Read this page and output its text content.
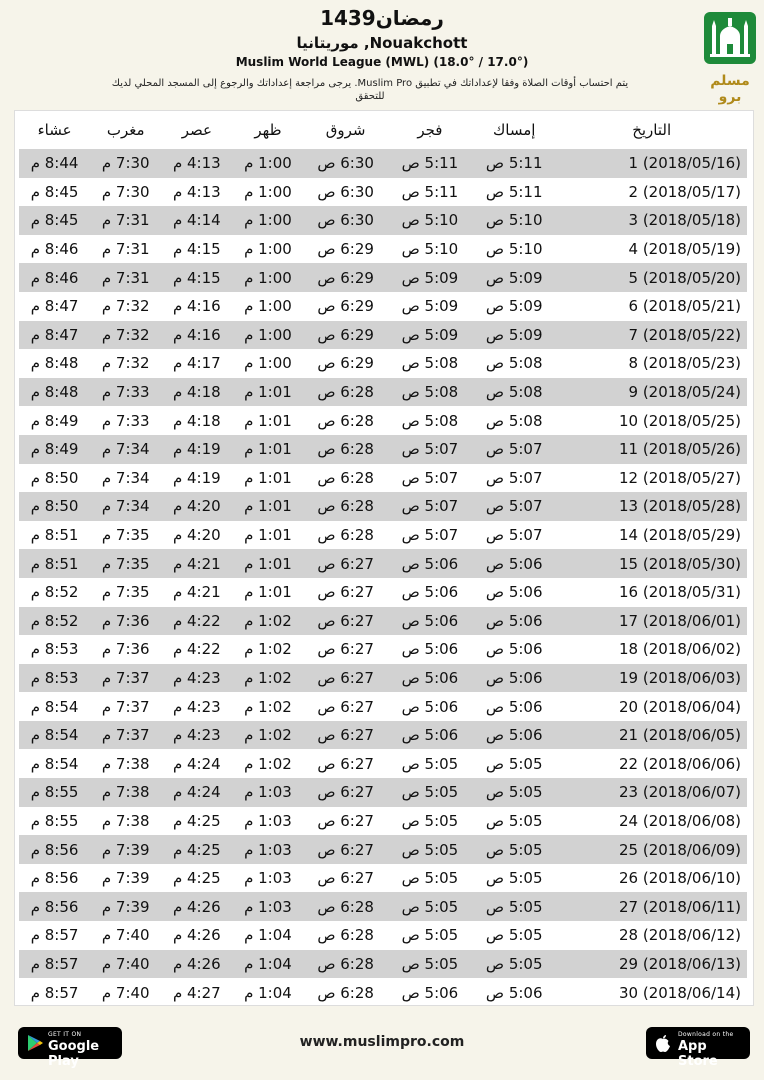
رمضان1439
Nouakchott, موريتانيا
Muslim World League (MWL) (18.0° / 17.0°)
يتم احتساب أوقات الصلاة وفقا لإعداداتك في تطبيق Muslim Pro. يرجى مراجعة إعداداتك والرجوع إلى المسجد المحلي لديك للتحقق
مسلم برو
التاريخ	إمساك	فجر	شروق	ظهر	عصر	مغرب	عشاء
1 (2018/05/16)	5:11 ص	5:11 ص	6:30 ص	1:00 م	4:13 م	7:30 م	8:44 م
2 (2018/05/17)	5:11 ص	5:11 ص	6:30 ص	1:00 م	4:13 م	7:30 م	8:45 م
3 (2018/05/18)	5:10 ص	5:10 ص	6:30 ص	1:00 م	4:14 م	7:31 م	8:45 م
4 (2018/05/19)	5:10 ص	5:10 ص	6:29 ص	1:00 م	4:15 م	7:31 م	8:46 م
5 (2018/05/20)	5:09 ص	5:09 ص	6:29 ص	1:00 م	4:15 م	7:31 م	8:46 م
6 (2018/05/21)	5:09 ص	5:09 ص	6:29 ص	1:00 م	4:16 م	7:32 م	8:47 م
7 (2018/05/22)	5:09 ص	5:09 ص	6:29 ص	1:00 م	4:16 م	7:32 م	8:47 م
8 (2018/05/23)	5:08 ص	5:08 ص	6:29 ص	1:00 م	4:17 م	7:32 م	8:48 م
9 (2018/05/24)	5:08 ص	5:08 ص	6:28 ص	1:01 م	4:18 م	7:33 م	8:48 م
10 (2018/05/25)	5:08 ص	5:08 ص	6:28 ص	1:01 م	4:18 م	7:33 م	8:49 م
11 (2018/05/26)	5:07 ص	5:07 ص	6:28 ص	1:01 م	4:19 م	7:34 م	8:49 م
12 (2018/05/27)	5:07 ص	5:07 ص	6:28 ص	1:01 م	4:19 م	7:34 م	8:50 م
13 (2018/05/28)	5:07 ص	5:07 ص	6:28 ص	1:01 م	4:20 م	7:34 م	8:50 م
14 (2018/05/29)	5:07 ص	5:07 ص	6:28 ص	1:01 م	4:20 م	7:35 م	8:51 م
15 (2018/05/30)	5:06 ص	5:06 ص	6:27 ص	1:01 م	4:21 م	7:35 م	8:51 م
16 (2018/05/31)	5:06 ص	5:06 ص	6:27 ص	1:01 م	4:21 م	7:35 م	8:52 م
17 (2018/06/01)	5:06 ص	5:06 ص	6:27 ص	1:02 م	4:22 م	7:36 م	8:52 م
18 (2018/06/02)	5:06 ص	5:06 ص	6:27 ص	1:02 م	4:22 م	7:36 م	8:53 م
19 (2018/06/03)	5:06 ص	5:06 ص	6:27 ص	1:02 م	4:23 م	7:37 م	8:53 م
20 (2018/06/04)	5:06 ص	5:06 ص	6:27 ص	1:02 م	4:23 م	7:37 م	8:54 م
21 (2018/06/05)	5:06 ص	5:06 ص	6:27 ص	1:02 م	4:23 م	7:37 م	8:54 م
22 (2018/06/06)	5:05 ص	5:05 ص	6:27 ص	1:02 م	4:24 م	7:38 م	8:54 م
23 (2018/06/07)	5:05 ص	5:05 ص	6:27 ص	1:03 م	4:24 م	7:38 م	8:55 م
24 (2018/06/08)	5:05 ص	5:05 ص	6:27 ص	1:03 م	4:25 م	7:38 م	8:55 م
25 (2018/06/09)	5:05 ص	5:05 ص	6:27 ص	1:03 م	4:25 م	7:39 م	8:56 م
26 (2018/06/10)	5:05 ص	5:05 ص	6:27 ص	1:03 م	4:25 م	7:39 م	8:56 م
27 (2018/06/11)	5:05 ص	5:05 ص	6:28 ص	1:03 م	4:26 م	7:39 م	8:56 م
28 (2018/06/12)	5:05 ص	5:05 ص	6:28 ص	1:04 م	4:26 م	7:40 م	8:57 م
29 (2018/06/13)	5:05 ص	5:05 ص	6:28 ص	1:04 م	4:26 م	7:40 م	8:57 م
30 (2018/06/14)	5:06 ص	5:06 ص	6:28 ص	1:04 م	4:27 م	7:40 م	8:57 م
GET IT ON
Google Play
www.muslimpro.com	Download on the
App Store
